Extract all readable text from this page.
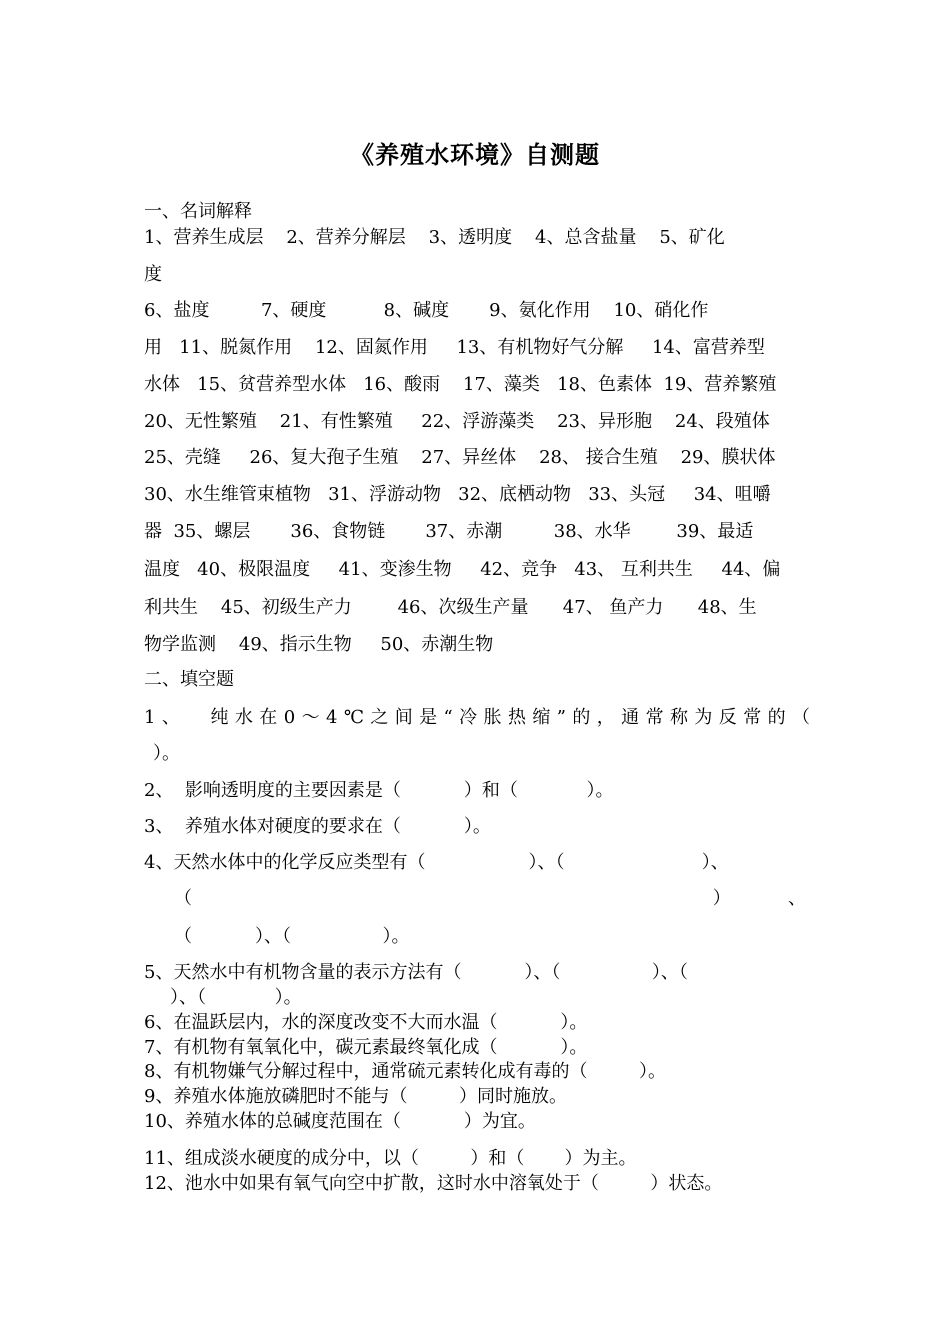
《养殖水环境》自测题
一、名词解释
1、营养生成层    2、营养分解层    3、透明度    4、总含盐量    5、矿化
度
6、盐度         7、硬度          8、碱度       9、氨化作用    10、硝化作
用   11、脱氮作用    12、固氮作用     13、有机物好气分解     14、富营养型
水体   15、贫营养型水体   16、酸雨    17、藻类   18、色素体  19、营养繁殖
20、无性繁殖    21、有性繁殖     22、浮游藻类    23、异形胞    24、段殖体
25、壳缝     26、复大孢子生殖    27、异丝体    28、 接合生殖    29、膜状体
30、水生维管束植物   31、浮游动物   32、底栖动物   33、头冠     34、咀嚼
器  35、螺层       36、食物链       37、赤潮         38、水华        39、最适
温度   40、极限温度     41、变渗生物     42、竞争   43、 互利共生     44、偏
利共生    45、初级生产力        46、次级生产量      47、 鱼产力      48、生
物学监测    49、指示生物     50、赤潮生物
二、填空题
1、  纯水在0～4℃之间是“冷胀热缩”的，通常称为反常的（
）。
2、  影响透明度的主要因素是（           ）和（            ）。
3、  养殖水体对硬度的要求在（           ）。
4、天然水体中的化学反应类型有（                  ）、（                        ）、
（	）          、
（           ）、（                ）。
5、天然水中有机物含量的表示方法有（           ）、（                ）、（
）、（            ）。
6、在温跃层内，水的深度改变不大而水温（           ）。
7、有机物有氧氧化中，碳元素最终氧化成（           ）。
8、有机物嫌气分解过程中，通常硫元素转化成有毒的（         ）。
9、养殖水体施放磷肥时不能与（         ）同时施放。
10、养殖水体的总碱度范围在（           ）为宜。
11、组成淡水硬度的成分中，以（         ）和（       ）为主。
12、池水中如果有氧气向空中扩散，这时水中溶氧处于（         ）状态。
